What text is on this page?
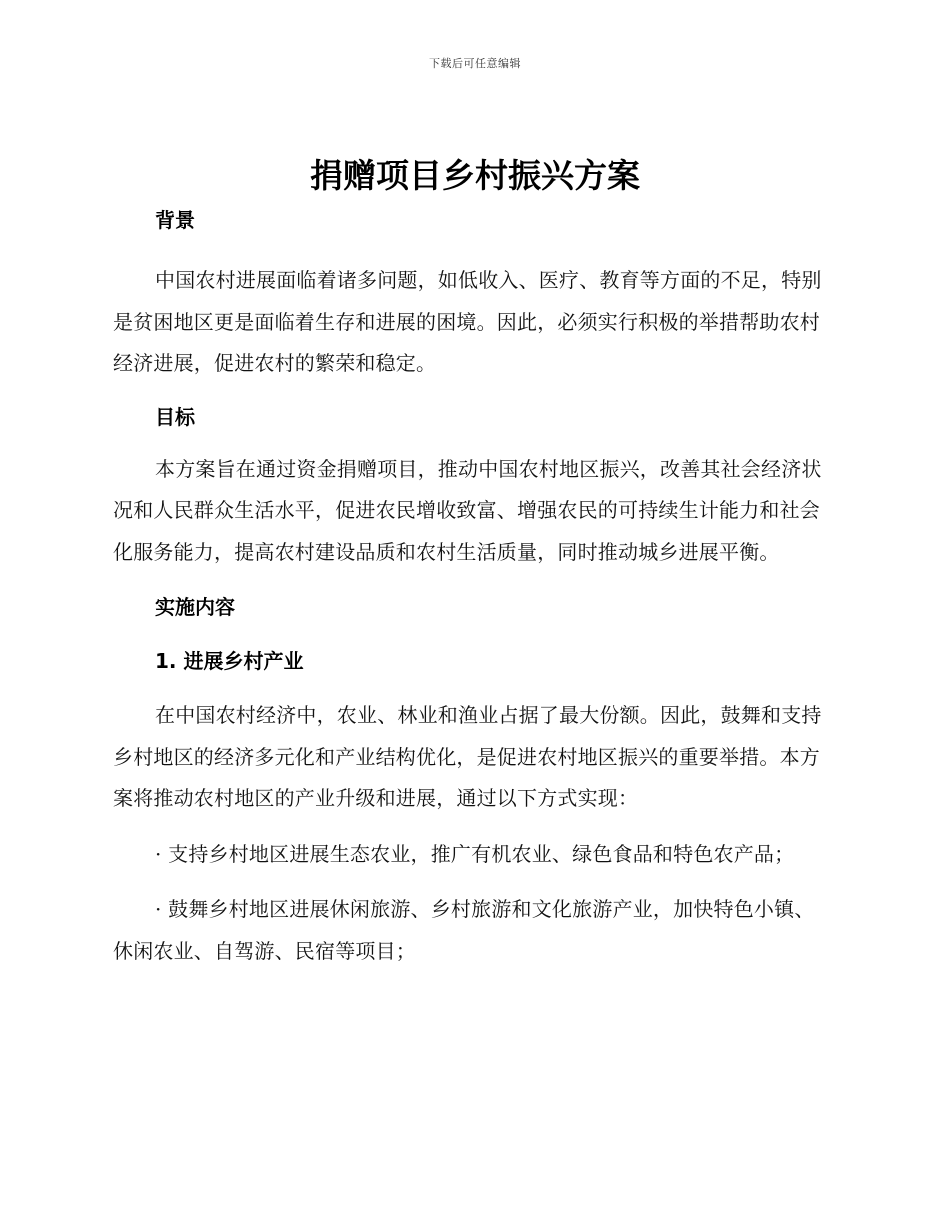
下载后可任意编辑
捐赠项目乡村振兴方案
背景

中国农村进展面临着诸多问题，如低收入、医疗、教育等方面的不足，特别是贫困地区更是面临着生存和进展的困境。因此，必须实行积极的举措帮助农村经济进展，促进农村的繁荣和稳定。

目标

本方案旨在通过资金捐赠项目，推动中国农村地区振兴，改善其社会经济状况和人民群众生活水平，促进农民增收致富、增强农民的可持续生计能力和社会化服务能力，提高农村建设品质和农村生活质量，同时推动城乡进展平衡。

实施内容
1. 进展乡村产业

在中国农村经济中，农业、林业和渔业占据了最大份额。因此，鼓舞和支持乡村地区的经济多元化和产业结构优化，是促进农村地区振兴的重要举措。本方案将推动农村地区的产业升级和进展，通过以下方式实现：

· 支持乡村地区进展生态农业，推广有机农业、绿色食品和特色农产品；

· 鼓舞乡村地区进展休闲旅游、乡村旅游和文化旅游产业，加快特色小镇、休闲农业、自驾游、民宿等项目；
